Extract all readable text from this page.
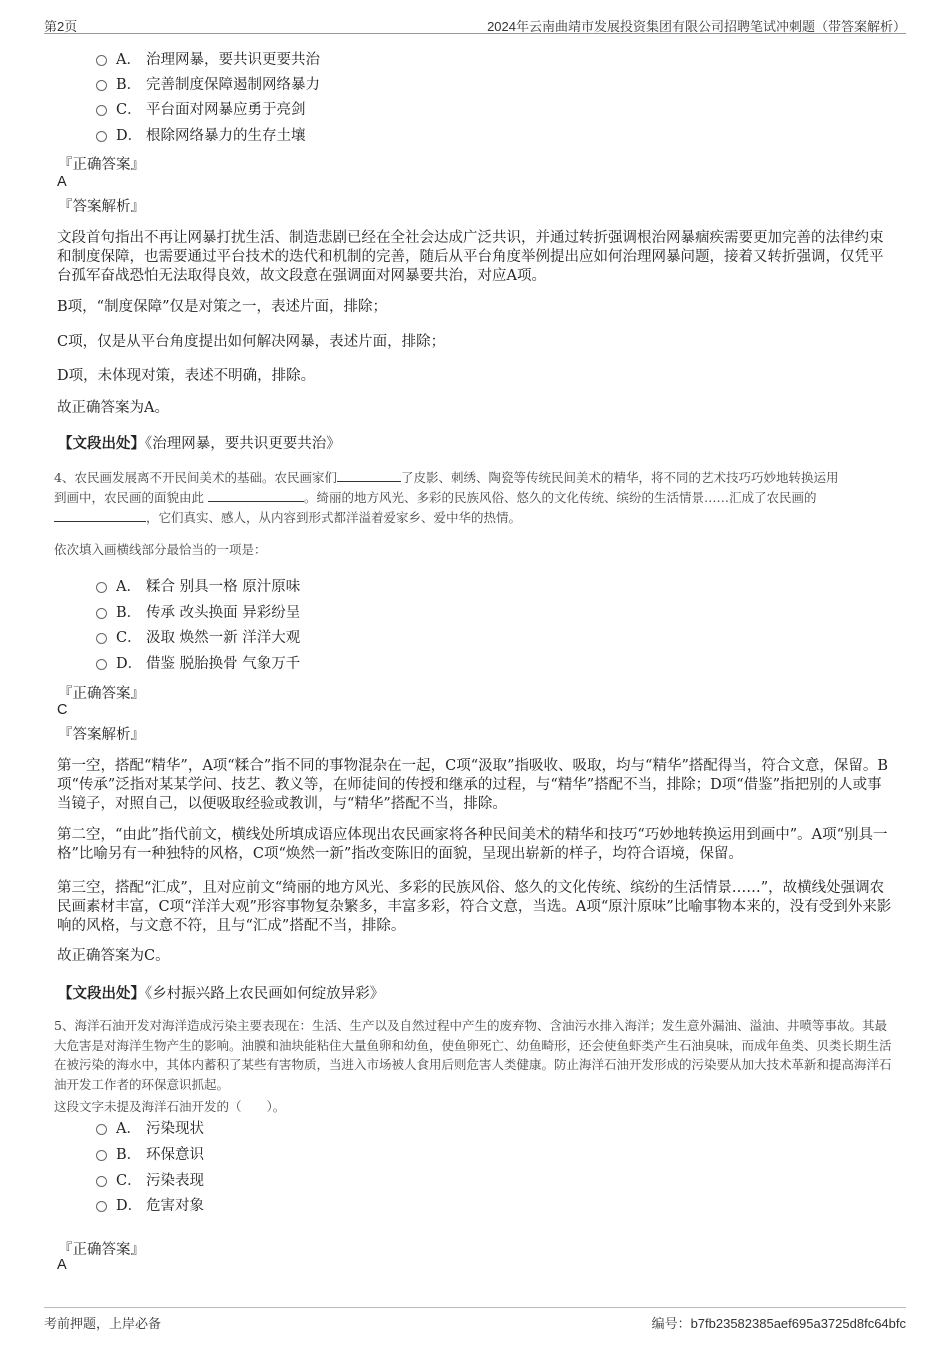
第2页	2024年云南曲靖市发展投资集团有限公司招聘笔试冲刺题（带答案解析）
A． 治理网暴，要共识更要共治
B． 完善制度保障遏制网络暴力
C． 平台面对网暴应勇于亮剑
D． 根除网络暴力的生存土壤
『正确答案』
A
『答案解析』
文段首句指出不再让网暴打扰生活、制造悲剧已经在全社会达成广泛共识，并通过转折强调根治网暴痼疾需要更加完善的法律约束和制度保障，也需要通过平台技术的迭代和机制的完善，随后从平台角度举例提出应如何治理网暴问题，接着又转折强调，仅凭平台孤军奋战恐怕无法取得良效，故文段意在强调面对网暴要共治，对应A项。
B项，“制度保障”仅是对策之一，表述片面，排除；
C项，仅是从平台角度提出如何解决网暴，表述片面，排除；
D项，未体现对策，表述不明确，排除。
故正确答案为A。
【文段出处】《治理网暴，要共识更要共治》
4、农民画发展离不开民间美术的基础。农民画家们	了皮影、刺绣、陶瓷等传统民间美术的精华，将不同的艺术技巧巧妙地转换运用
到画中，农民画的面貌由此	。绮丽的地方风光、多彩的民族风俗、悠久的文化传统、缤纷的生活情景……汇成了农民画的
，它们真实、感人，从内容到形式都洋溢着爱家乡、爱中华的热情。
依次填入画横线部分最恰当的一项是：
A． 糅合 别具一格 原汁原味
B． 传承 改头换面 异彩纷呈
C． 汲取 焕然一新 洋洋大观
D． 借鉴 脱胎换骨 气象万千
『正确答案』
C
『答案解析』
第一空，搭配“精华”，A项“糅合”指不同的事物混杂在一起，C项“汲取”指吸收、吸取，均与“精华”搭配得当，符合文意，保留。B项“传承”泛指对某某学问、技艺、教义等，在师徒间的传授和继承的过程，与“精华”搭配不当，排除；D项“借鉴”指把别的人或事当镜子，对照自己，以便吸取经验或教训，与“精华”搭配不当，排除。
第二空，“由此”指代前文，横线处所填成语应体现出农民画家将各种民间美术的精华和技巧“巧妙地转换运用到画中”。A项“别具一格”比喻另有一种独特的风格，C项“焕然一新”指改变陈旧的面貌，呈现出崭新的样子，均符合语境，保留。
第三空，搭配“汇成”，且对应前文“绮丽的地方风光、多彩的民族风俗、悠久的文化传统、缤纷的生活情景……”，故横线处强调农民画素材丰富，C项“洋洋大观”形容事物复杂繁多，丰富多彩，符合文意，当选。A项“原汁原味”比喻事物本来的，没有受到外来影响的风格，与文意不符，且与“汇成”搭配不当，排除。
故正确答案为C。
【文段出处】《乡村振兴路上农民画如何绽放异彩》
5、海洋石油开发对海洋造成污染主要表现在：生活、生产以及自然过程中产生的废弃物、含油污水排入海洋；发生意外漏油、溢油、井喷等事故。其最大危害是对海洋生物产生的影响。油膜和油块能粘住大量鱼卵和幼鱼，使鱼卵死亡、幼鱼畸形，还会使鱼虾类产生石油臭味，而成年鱼类、贝类长期生活在被污染的海水中，其体内蓄积了某些有害物质，当进入市场被人食用后则危害人类健康。防止海洋石油开发形成的污染要从加大技术革新和提高海洋石油开发工作者的环保意识抓起。
这段文字未提及海洋石油开发的（　　）。
A． 污染现状
B． 环保意识
C． 污染表现
D． 危害对象
『正确答案』
A
考前押题，上岸必备	编号：b7fb23582385aef695a3725d8fc64bfc
